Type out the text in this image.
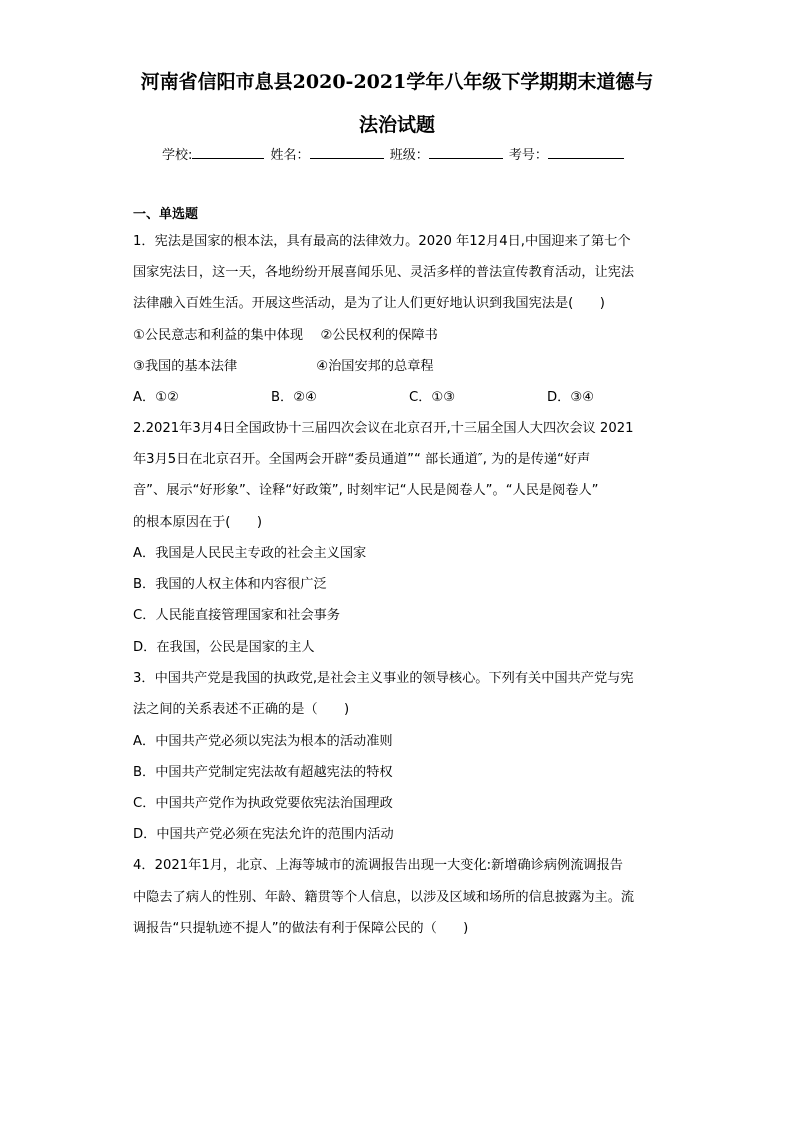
河南省信阳市息县2020-2021学年八年级下学期期末道德与
法治试题
学校:	姓名：	班级：	考号：
一、单选题
1．宪法是国家的根本法，具有最高的法律效力。2020 年12月4日,中国迎来了第七个
国家宪法日，这一天，各地纷纷开展喜闻乐见、灵活多样的普法宣传教育活动，让宪法
法律融入百姓生活。开展这些活动，是为了让人们更好地认识到我国宪法是(　　)
①公民意志和利益的集中体现　 ②公民权利的保障书
③我国的基本法律　　　　　　④治国安邦的总章程
A．①②	B．②④	C．①③	D．③④
2.2021年3月4日全国政协十三届四次会议在北京召开,十三届全国人大四次会议 2021
年3月5日在北京召开。全国两会开辟“委员通道”“ 部长通道″, 为的是传递“好声
音”、展示“好形象”、诠释“好政策”, 时刻牢记“人民是阅卷人”。“人民是阅卷人”
的根本原因在于(　　)
A．我国是人民民主专政的社会主义国家
B．我国的人权主体和内容很广泛
C．人民能直接管理国家和社会事务
D．在我国，公民是国家的主人
3．中国共产党是我国的执政党,是社会主义事业的领导核心。下列有关中国共产党与宪
法之间的关系表述不正确的是（　　)
A．中国共产党必须以宪法为根本的活动准则
B．中国共产党制定宪法故有超越宪法的特权
C．中国共产党作为执政党要依宪法治国理政
D．中国共产党必须在宪法允许的范围内活动
4．2021年1月，北京、上海等城市的流调报告出现一大变化:新增确诊病例流调报告
中隐去了病人的性别、年龄、籍贯等个人信息，以涉及区域和场所的信息披露为主。流
调报告“只提轨迹不提人”的做法有利于保障公民的（　　)
